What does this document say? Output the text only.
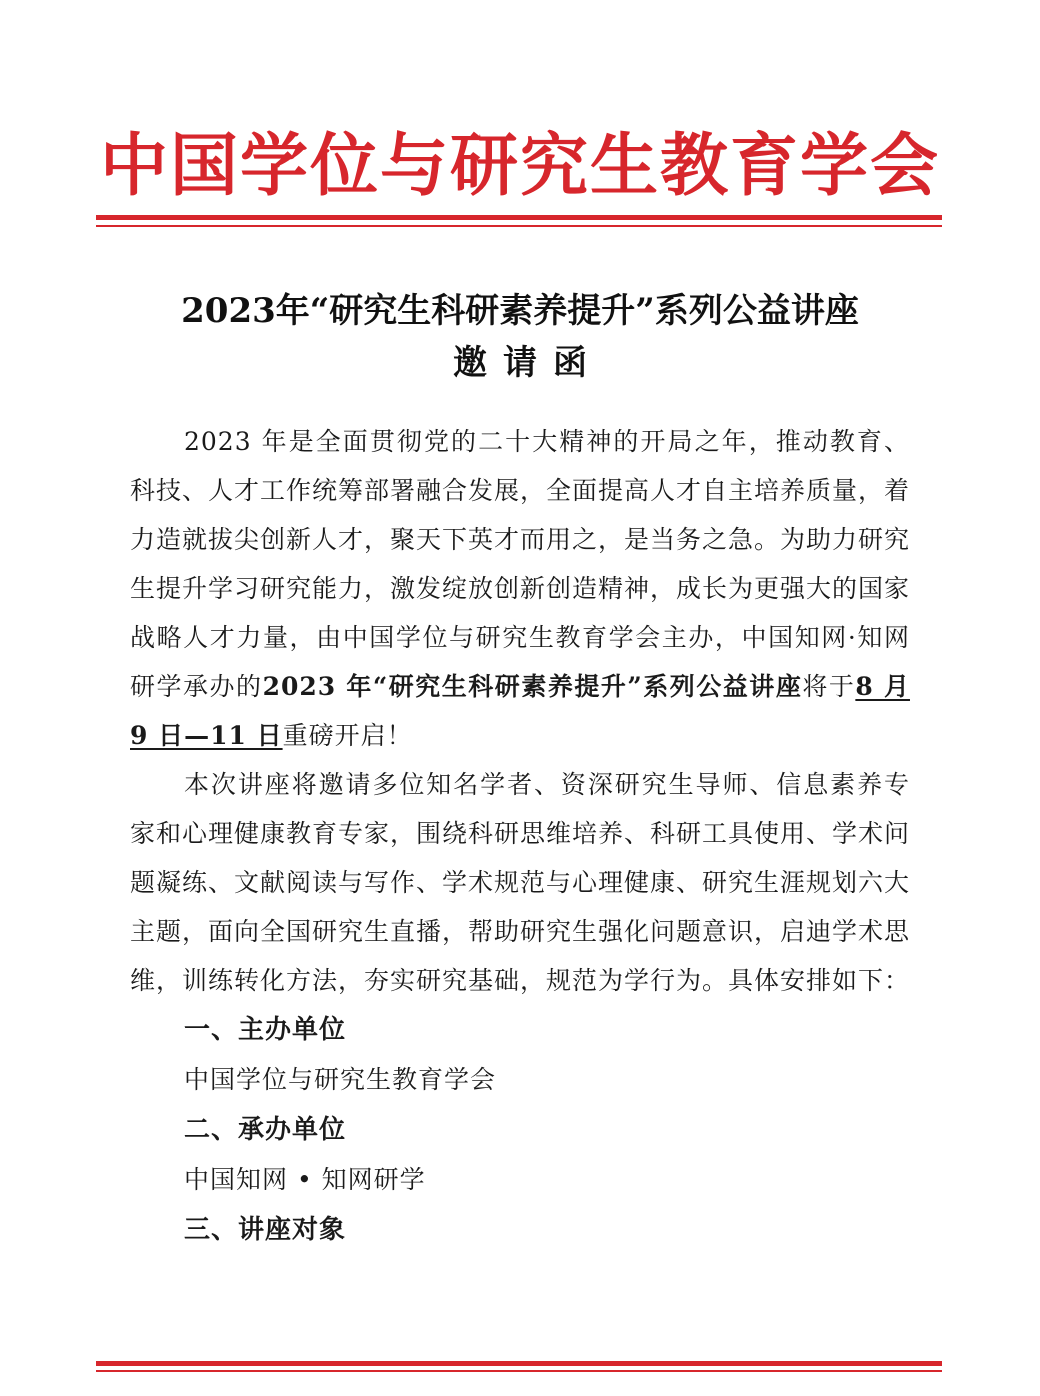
中国学位与研究生教育学会
2023年“研究生科研素养提升”系列公益讲座
邀请函

2023 年是全面贯彻党的二十大精神的开局之年，推动教育、科技、人才工作统筹部署融合发展，全面提高人才自主培养质量，着力造就拔尖创新人才，聚天下英才而用之，是当务之急。为助力研究生提升学习研究能力，激发绽放创新创造精神，成长为更强大的国家战略人才力量，由中国学位与研究生教育学会主办，中国知网·知网研学承办的2023 年“研究生科研素养提升”系列公益讲座将于8 月 9 日—11 日重磅开启！

本次讲座将邀请多位知名学者、资深研究生导师、信息素养专家和心理健康教育专家，围绕科研思维培养、科研工具使用、学术问题凝练、文献阅读与写作、学术规范与心理健康、研究生涯规划六大主题，面向全国研究生直播，帮助研究生强化问题意识，启迪学术思维，训练转化方法，夯实研究基础，规范为学行为。具体安排如下：

一、主办单位

中国学位与研究生教育学会

二、承办单位

中国知网 • 知网研学

三、讲座对象
